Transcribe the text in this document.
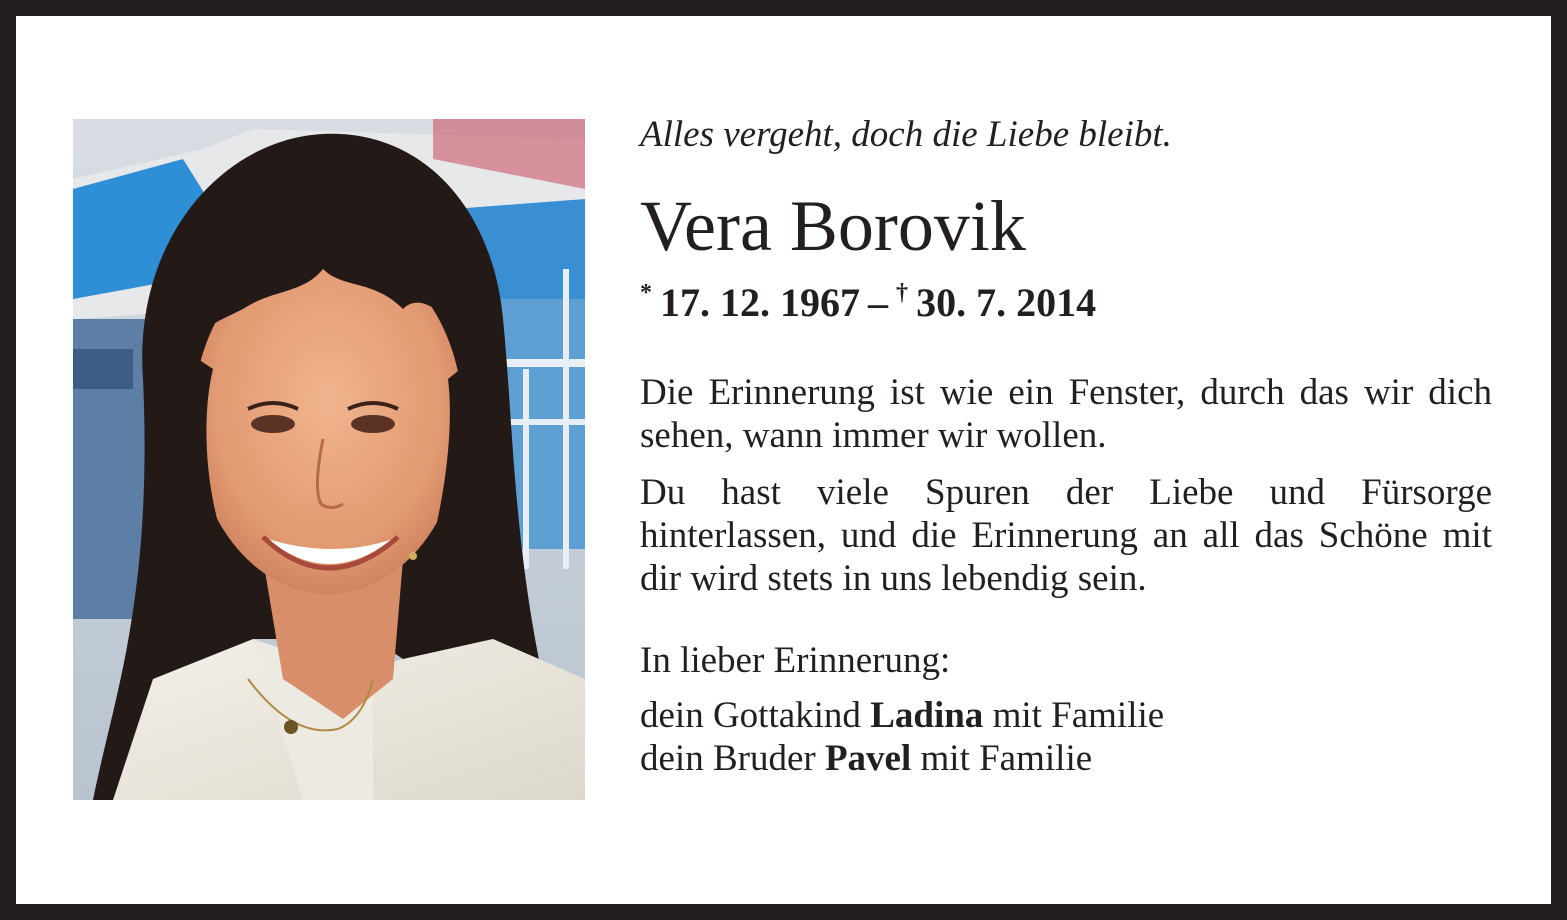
Alles vergeht, doch die Liebe bleibt.

Vera Borovik

*  17. 12. 1967  –  †  30. 7. 2014

Die Erinnerung ist wie ein Fenster, durch das wir dich sehen, wann immer wir wollen.

Du hast viele Spuren der Liebe und Fürsorge hinterlassen, und die Erinnerung an all das Schöne mit dir wird stets in uns lebendig sein.

In lieber Erinnerung:

dein Gottakind Ladina mit Familie
dein Bruder Pavel mit Familie
